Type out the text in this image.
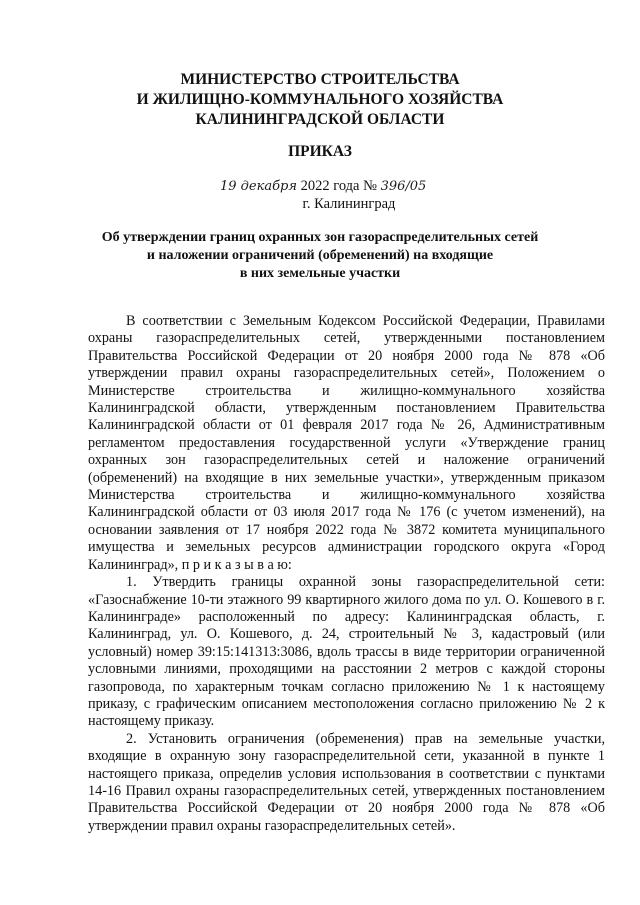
МИНИСТЕРСТВО СТРОИТЕЛЬСТВА
И ЖИЛИЩНО-КОММУНАЛЬНОГО ХОЗЯЙСТВА
КАЛИНИНГРАДСКОЙ ОБЛАСТИ
ПРИКАЗ
19 декабря 2022 года № 396/05
г. Калининград
Об утверждении границ охранных зон газораспределительных сетей
и наложении ограничений (обременений) на входящие
в них земельные участки

В соответствии с Земельным Кодексом Российской Федерации, Правилами охраны газораспределительных сетей, утвержденными постановлением Правительства Российской Федерации от 20 ноября 2000 года № 878 «Об утверждении правил охраны газораспределительных сетей», Положением о Министерстве строительства и жилищно-коммунального хозяйства Калининградской области, утвержденным постановлением Правительства Калининградской области от 01 февраля 2017 года № 26, Административным регламентом предоставления государственной услуги «Утверждение границ охранных зон газораспределительных сетей и наложение ограничений (обременений) на входящие в них земельные участки», утвержденным приказом Министерства строительства и жилищно-коммунального хозяйства Калининградской области от 03 июля 2017 года № 176 (с учетом изменений), на основании заявления от 17 ноября 2022 года № 3872 комитета муниципального имущества и земельных ресурсов администрации городского округа «Город Калининград», п р и к а з ы в а ю:

1. Утвердить границы охранной зоны газораспределительной сети: «Газоснабжение 10-ти этажного 99 квартирного жилого дома по ул. О. Кошевого в г. Калининграде» расположенный по адресу: Калининградская область, г. Калининград, ул. О. Кошевого, д. 24, строительный № 3, кадастровый (или условный) номер 39:15:141313:3086, вдоль трассы в виде территории ограниченной условными линиями, проходящими на расстоянии 2 метров с каждой стороны газопровода, по характерным точкам согласно приложению № 1 к настоящему приказу, с графическим описанием местоположения согласно приложению № 2 к настоящему приказу.

2. Установить ограничения (обременения) прав на земельные участки, входящие в охранную зону газораспределительной сети, указанной в пункте 1 настоящего приказа, определив условия использования в соответствии с пунктами 14-16 Правил охраны газораспределительных сетей, утвержденных постановлением Правительства Российской Федерации от 20 ноября 2000 года № 878 «Об утверждении правил охраны газораспределительных сетей».
